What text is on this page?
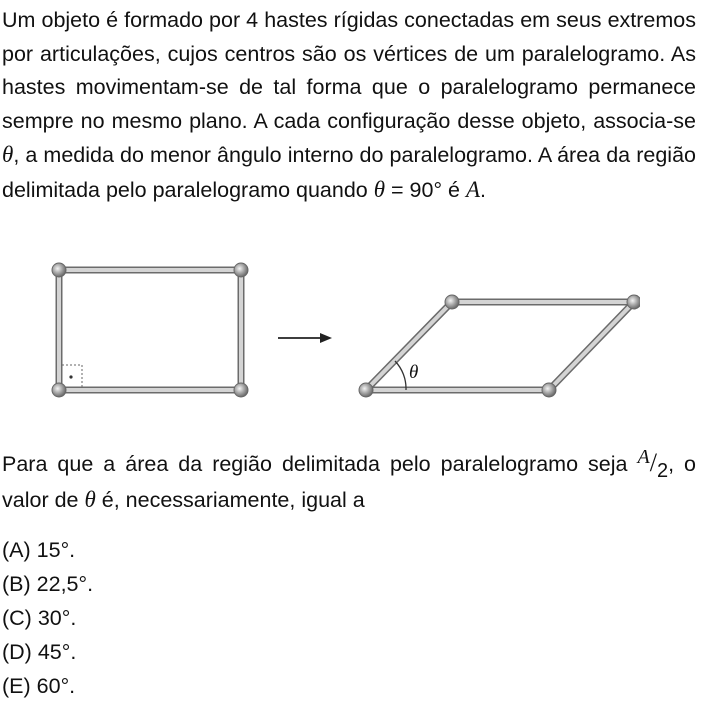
Um objeto é formado por 4 hastes rígidas conectadas em seus extremos por articulações, cujos centros são os vértices de um paralelogramo. As hastes movimentam-se de tal forma que o paralelogramo permanece sempre no mesmo plano. A cada configuração desse objeto, associa-se θ, a medida do menor ângulo interno do paralelogramo. A área da região delimitada pelo paralelogramo quando θ = 90° é A.

θ

Para que a área da região delimitada pelo paralelogramo seja A/2, o valor de θ é, necessariamente, igual a

(A) 15°.
(B) 22,5°.
(C) 30°.
(D) 45°.
(E) 60°.
